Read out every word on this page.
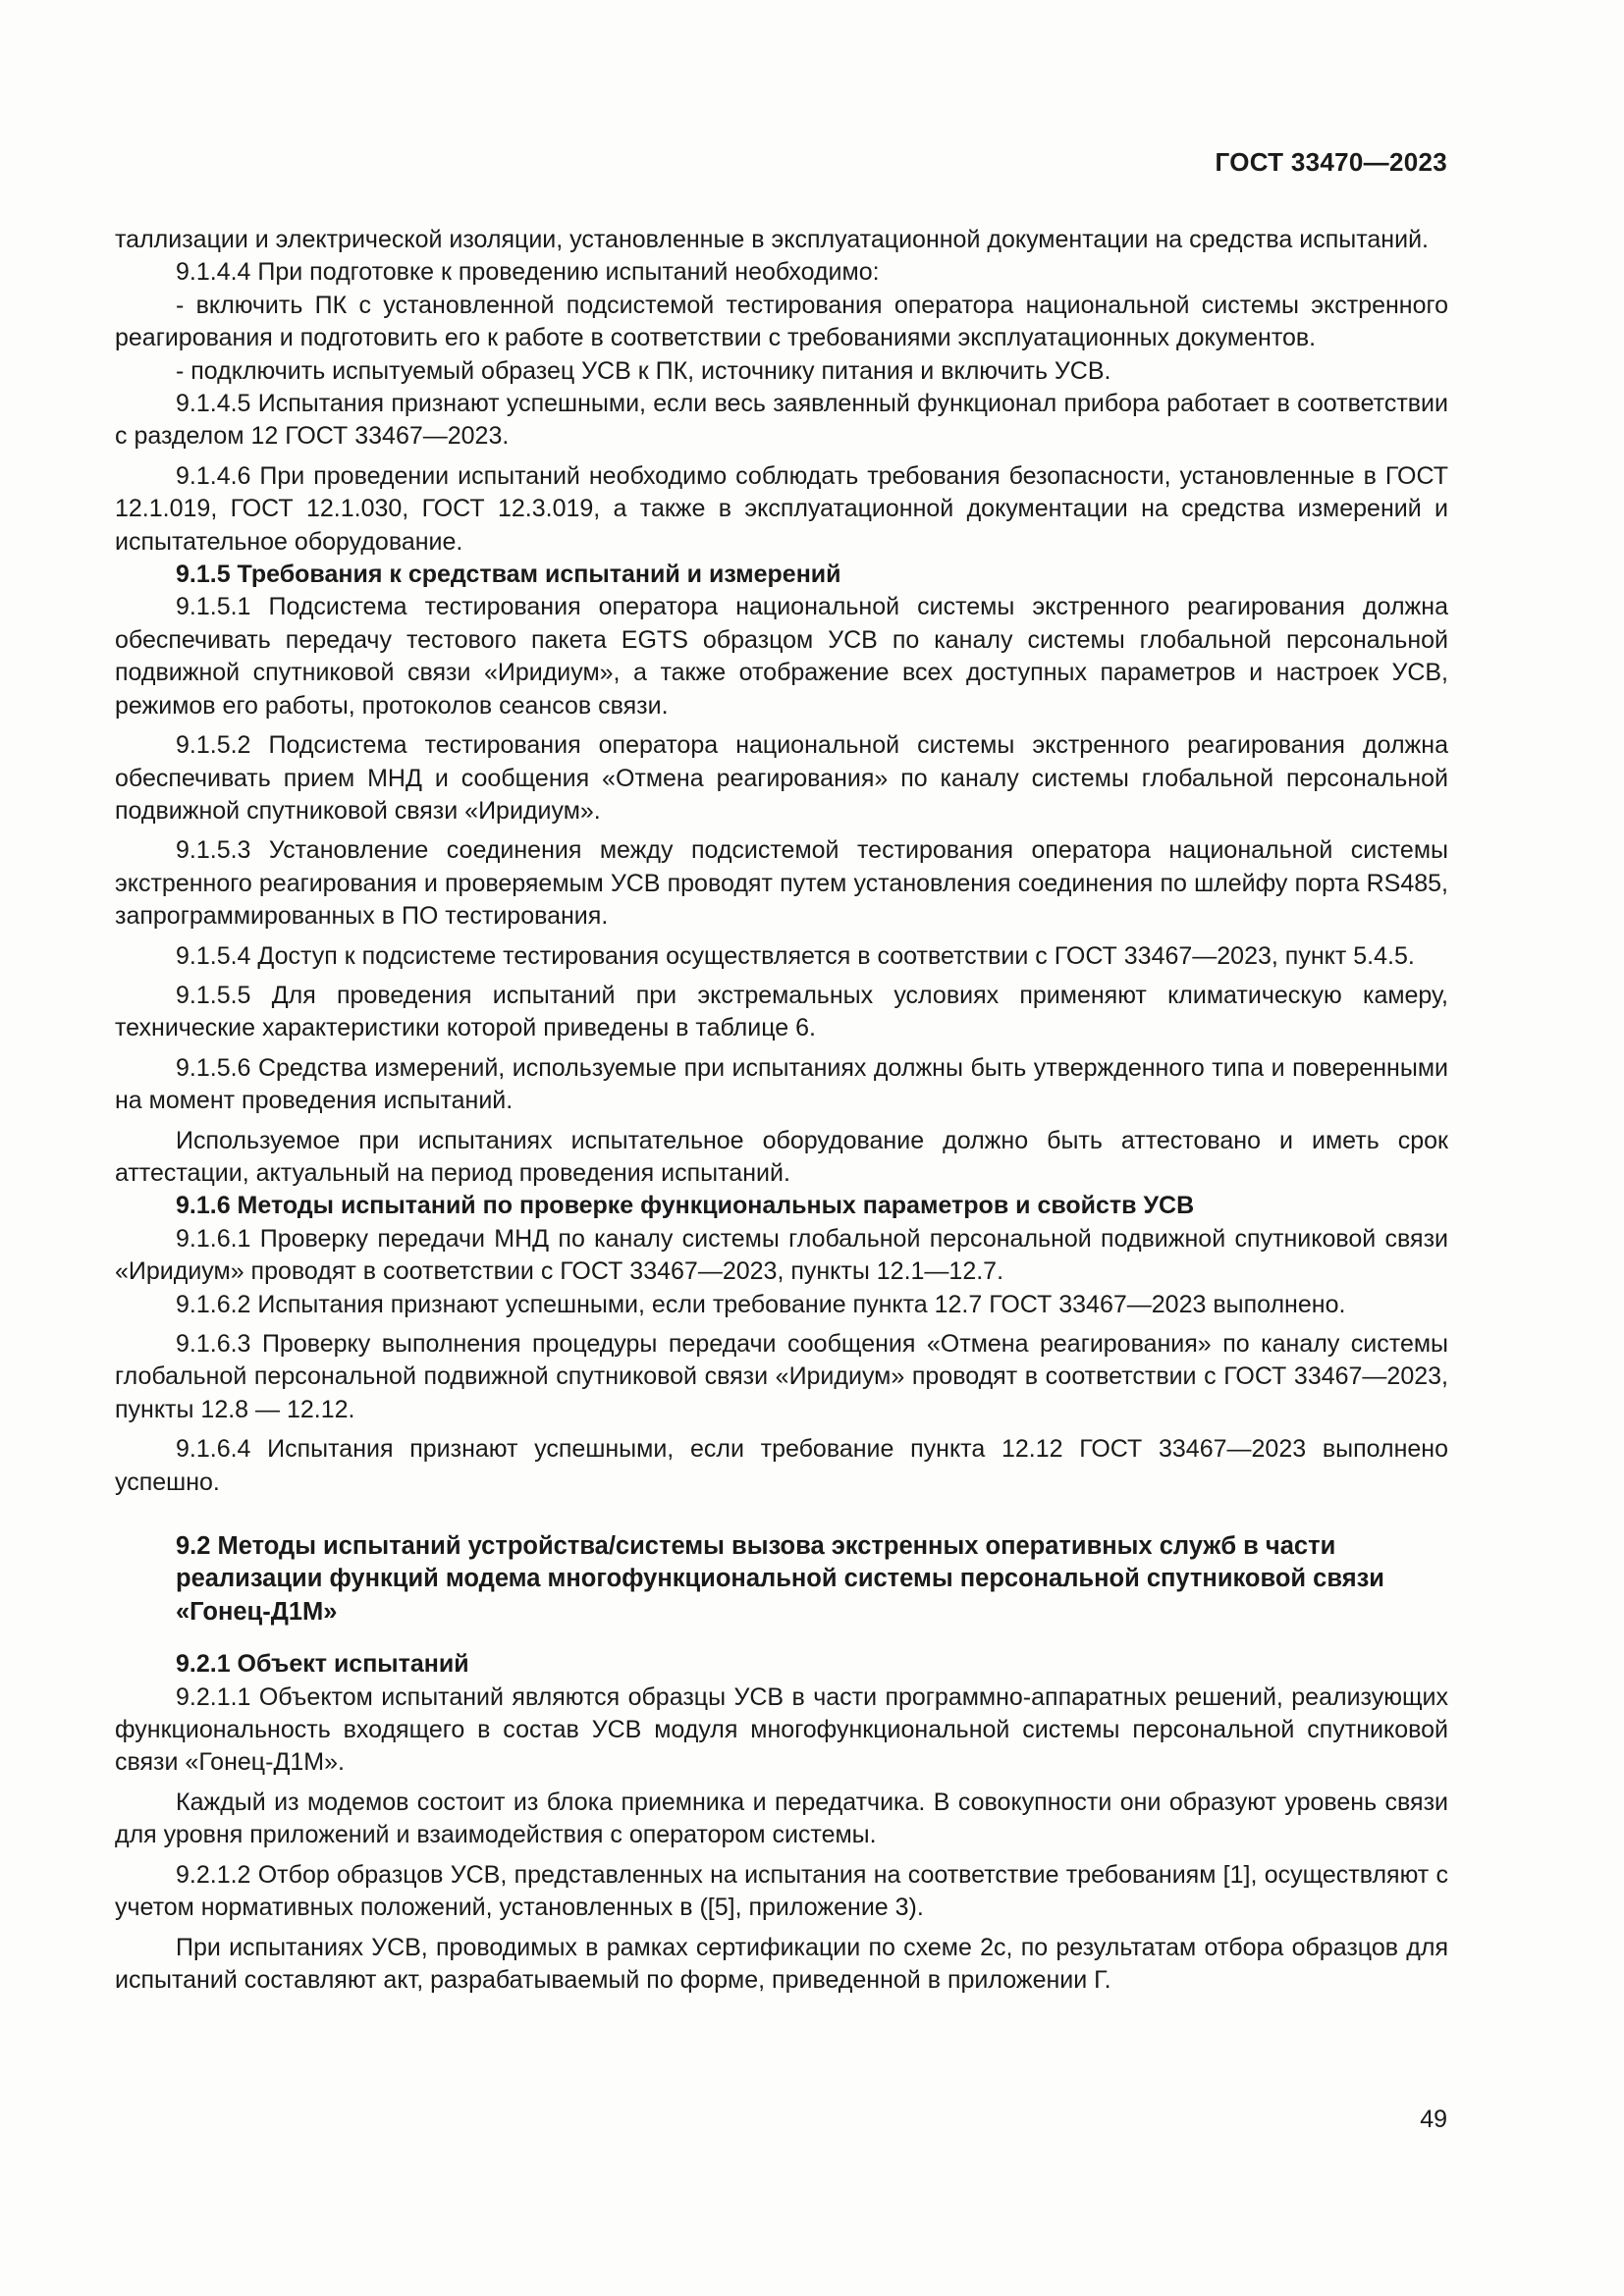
ГОСТ 33470—2023

таллизации и электрической изоляции, установленные в эксплуатационной документации на средства испытаний.

9.1.4.4 При подготовке к проведению испытаний необходимо:

- включить ПК с установленной подсистемой тестирования оператора национальной системы экстренного реагирования и подготовить его к работе в соответствии с требованиями эксплуатационных документов.

- подключить испытуемый образец УСВ к ПК, источнику питания и включить УСВ.

9.1.4.5 Испытания признают успешными, если весь заявленный функционал прибора работает в соответствии с разделом 12 ГОСТ 33467—2023.

9.1.4.6 При проведении испытаний необходимо соблюдать требования безопасности, установленные в ГОСТ 12.1.019, ГОСТ 12.1.030, ГОСТ 12.3.019, а также в эксплуатационной документации на средства измерений и испытательное оборудование.

9.1.5 Требования к средствам испытаний и измерений

9.1.5.1 Подсистема тестирования оператора национальной системы экстренного реагирования должна обеспечивать передачу тестового пакета EGTS образцом УСВ по каналу системы глобальной персональной подвижной спутниковой связи «Иридиум», а также отображение всех доступных параметров и настроек УСВ, режимов его работы, протоколов сеансов связи.

9.1.5.2 Подсистема тестирования оператора национальной системы экстренного реагирования должна обеспечивать прием МНД и сообщения «Отмена реагирования» по каналу системы глобальной персональной подвижной спутниковой связи «Иридиум».

9.1.5.3 Установление соединения между подсистемой тестирования оператора национальной системы экстренного реагирования и проверяемым УСВ проводят путем установления соединения по шлейфу порта RS485, запрограммированных в ПО тестирования.

9.1.5.4 Доступ к подсистеме тестирования осуществляется в соответствии с ГОСТ 33467—2023, пункт 5.4.5.

9.1.5.5 Для проведения испытаний при экстремальных условиях применяют климатическую камеру, технические характеристики которой приведены в таблице 6.

9.1.5.6 Средства измерений, используемые при испытаниях должны быть утвержденного типа и поверенными на момент проведения испытаний.

Используемое при испытаниях испытательное оборудование должно быть аттестовано и иметь срок аттестации, актуальный на период проведения испытаний.

9.1.6 Методы испытаний по проверке функциональных параметров и свойств УСВ

9.1.6.1 Проверку передачи МНД по каналу системы глобальной персональной подвижной спутниковой связи «Иридиум» проводят в соответствии с ГОСТ 33467—2023, пункты 12.1—12.7.

9.1.6.2 Испытания признают успешными, если требование пункта 12.7 ГОСТ 33467—2023 выполнено.

9.1.6.3 Проверку выполнения процедуры передачи сообщения «Отмена реагирования» по каналу системы глобальной персональной подвижной спутниковой связи «Иридиум» проводят в соответствии с ГОСТ 33467—2023, пункты 12.8 — 12.12.

9.1.6.4 Испытания признают успешными, если требование пункта 12.12 ГОСТ 33467—2023 выполнено успешно.

9.2 Методы испытаний устройства/системы вызова экстренных оперативных служб в части реализации функций модема многофункциональной системы персональной спутниковой связи «Гонец-Д1М»

9.2.1 Объект испытаний

9.2.1.1 Объектом испытаний являются образцы УСВ в части программно-аппаратных решений, реализующих функциональность входящего в состав УСВ модуля многофункциональной системы персональной спутниковой связи «Гонец-Д1М».

Каждый из модемов состоит из блока приемника и передатчика. В совокупности они образуют уровень связи для уровня приложений и взаимодействия с оператором системы.

9.2.1.2 Отбор образцов УСВ, представленных на испытания на соответствие требованиям [1], осуществляют с учетом нормативных положений, установленных в ([5], приложение 3).

При испытаниях УСВ, проводимых в рамках сертификации по схеме 2с, по результатам отбора образцов для испытаний составляют акт, разрабатываемый по форме, приведенной в приложении Г.

49
